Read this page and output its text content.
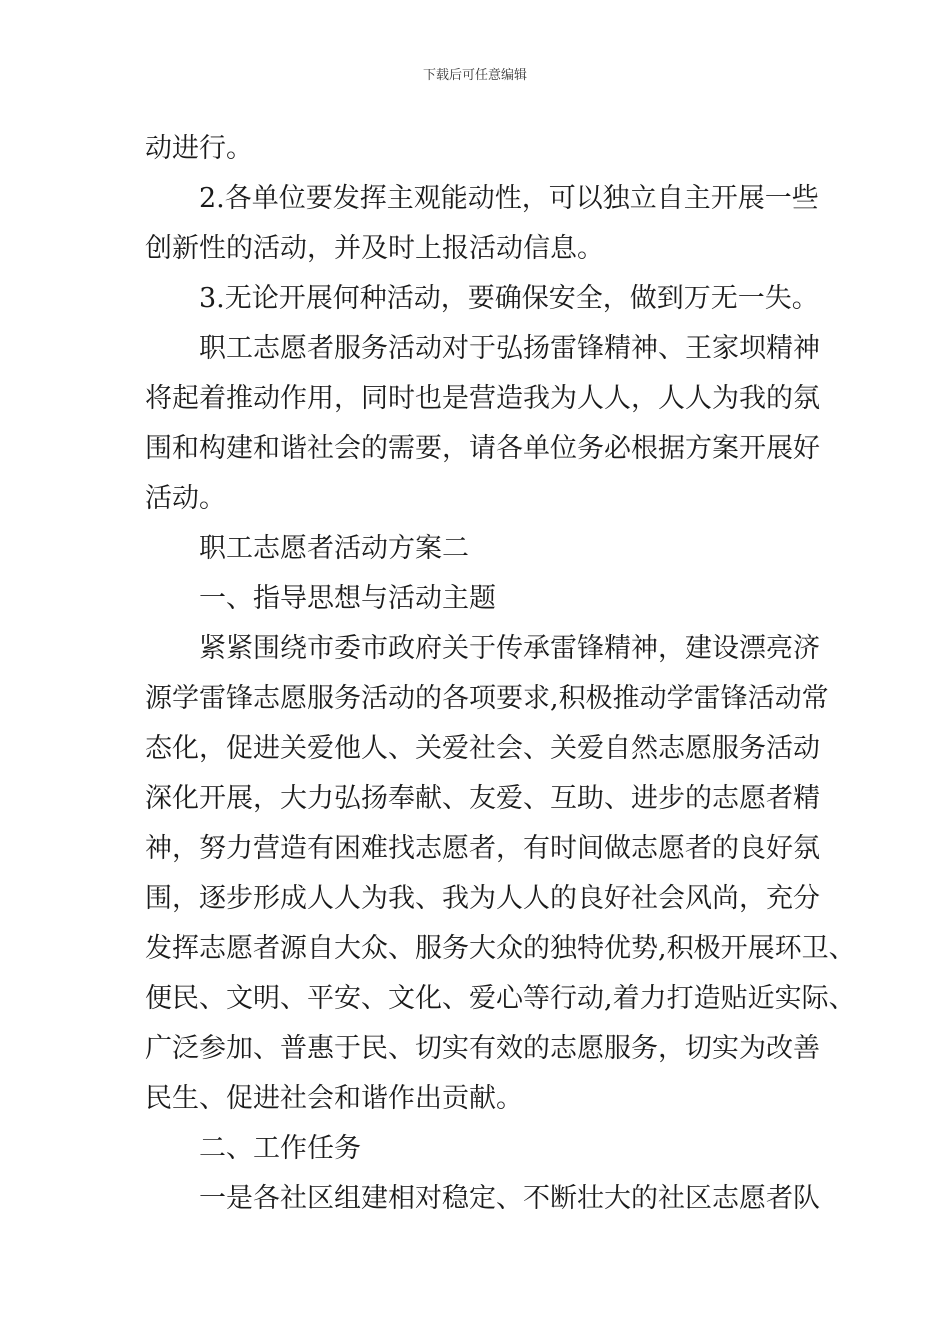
下载后可任意编辑
动进行。
2.各单位要发挥主观能动性，可以独立自主开展一些
创新性的活动，并及时上报活动信息。
3.无论开展何种活动，要确保安全，做到万无一失。
职工志愿者服务活动对于弘扬雷锋精神、王家坝精神
将起着推动作用，同时也是营造我为人人，人人为我的氛
围和构建和谐社会的需要，请各单位务必根据方案开展好
活动。
职工志愿者活动方案二
一、指导思想与活动主题
紧紧围绕市委市政府关于传承雷锋精神，建设漂亮济
源学雷锋志愿服务活动的各项要求,积极推动学雷锋活动常
态化，促进关爱他人、关爱社会、关爱自然志愿服务活动
深化开展，大力弘扬奉献、友爱、互助、进步的志愿者精
神，努力营造有困难找志愿者，有时间做志愿者的良好氛
围，逐步形成人人为我、我为人人的良好社会风尚，充分
发挥志愿者源自大众、服务大众的独特优势,积极开展环卫、
便民、文明、平安、文化、爱心等行动,着力打造贴近实际、
广泛参加、普惠于民、切实有效的志愿服务，切实为改善
民生、促进社会和谐作出贡献。
二、工作任务
一是各社区组建相对稳定、不断壮大的社区志愿者队
